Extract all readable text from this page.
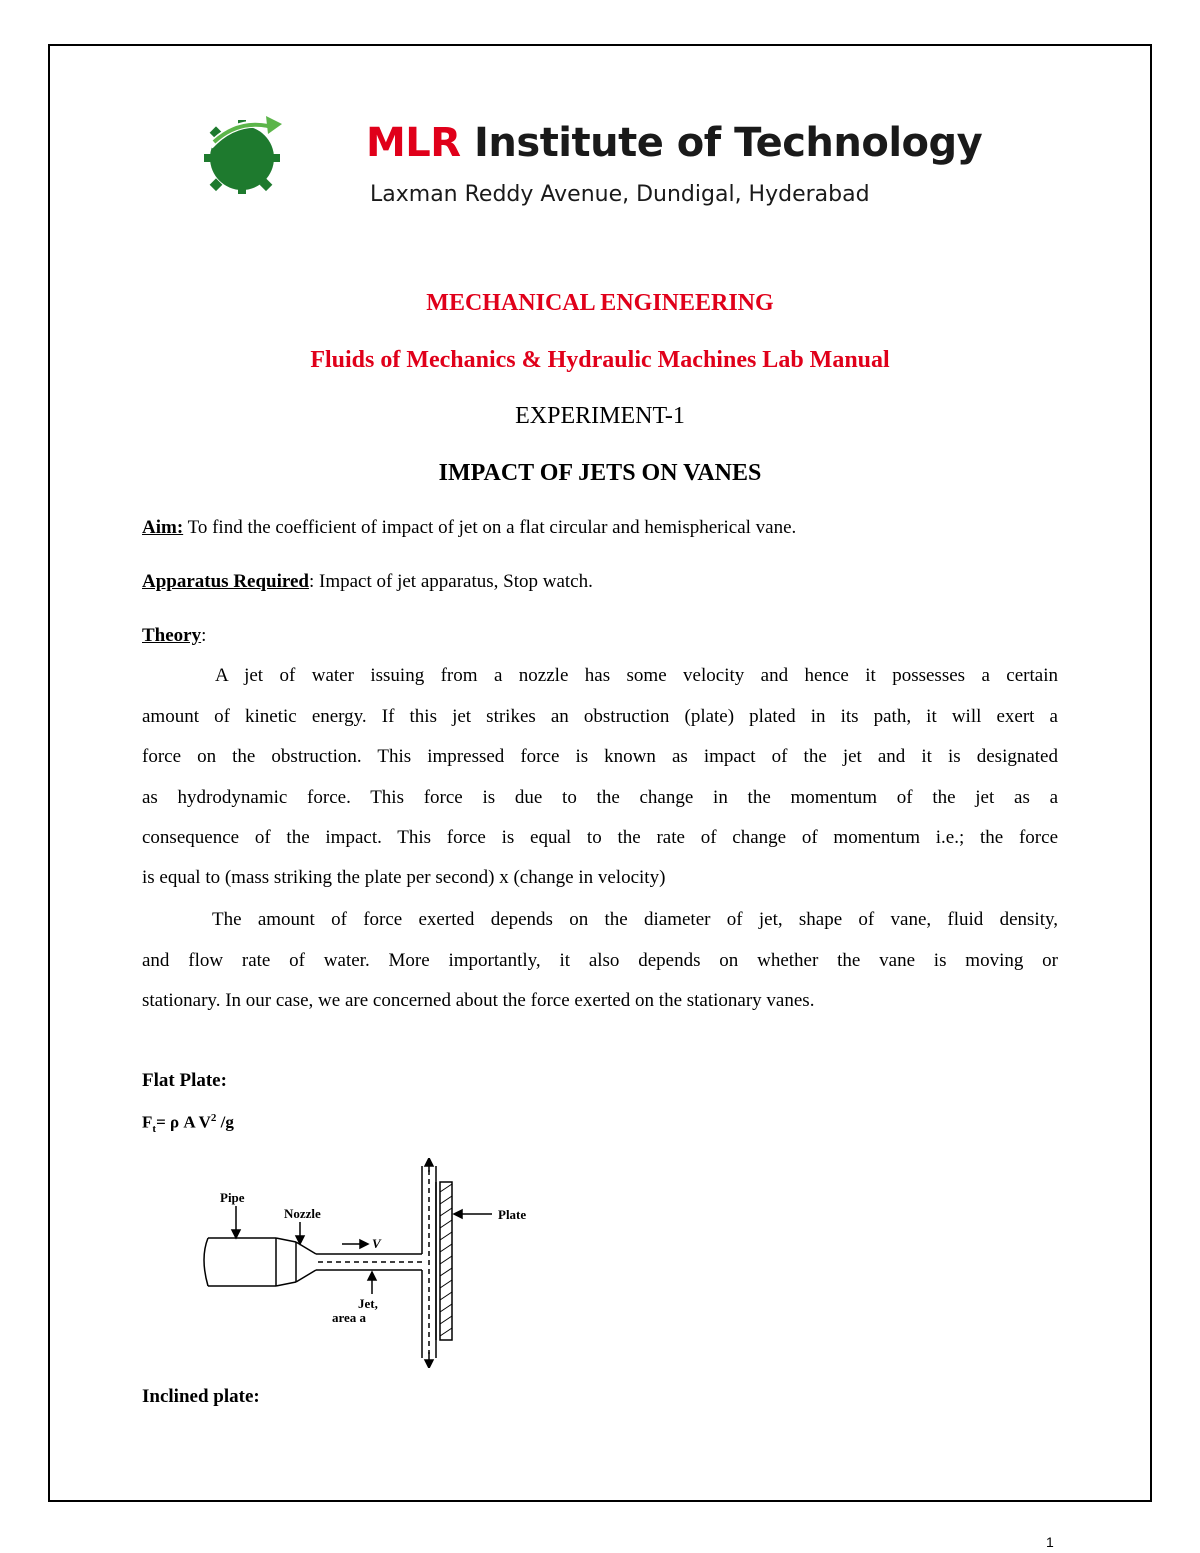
MLR Institute of Technology
Laxman Reddy Avenue, Dundigal, Hyderabad
MECHANICAL ENGINEERING
Fluids of Mechanics & Hydraulic Machines Lab Manual
EXPERIMENT-1
IMPACT OF JETS ON VANES
Aim: To find the coefficient of impact of jet on a flat circular and hemispherical vane.
Apparatus Required: Impact of jet apparatus, Stop watch.
Theory:
A jet of water issuing from a nozzle has some velocity and hence it possesses a certain
amount of kinetic energy. If this jet strikes an obstruction (plate) plated in its path, it will exert a
force on the obstruction. This impressed force is known as impact of the jet and it is designated
as hydrodynamic force. This force is due to the change in the momentum of the jet as a
consequence of the impact. This force is equal to the rate of change of momentum i.e.; the force
is equal to (mass striking the plate per second) x (change in velocity)
The amount of force exerted depends on the diameter of jet, shape of vane, fluid density,
and flow rate of water. More importantly, it also depends on whether the vane is moving or
stationary. In our case, we are concerned about the force exerted on the stationary vanes.
Flat Plate:
$F_t= \rho$ A $V^2$ /g
Pipe
Nozzle
V
Jet,
area a
Plate
Inclined plate:
1
